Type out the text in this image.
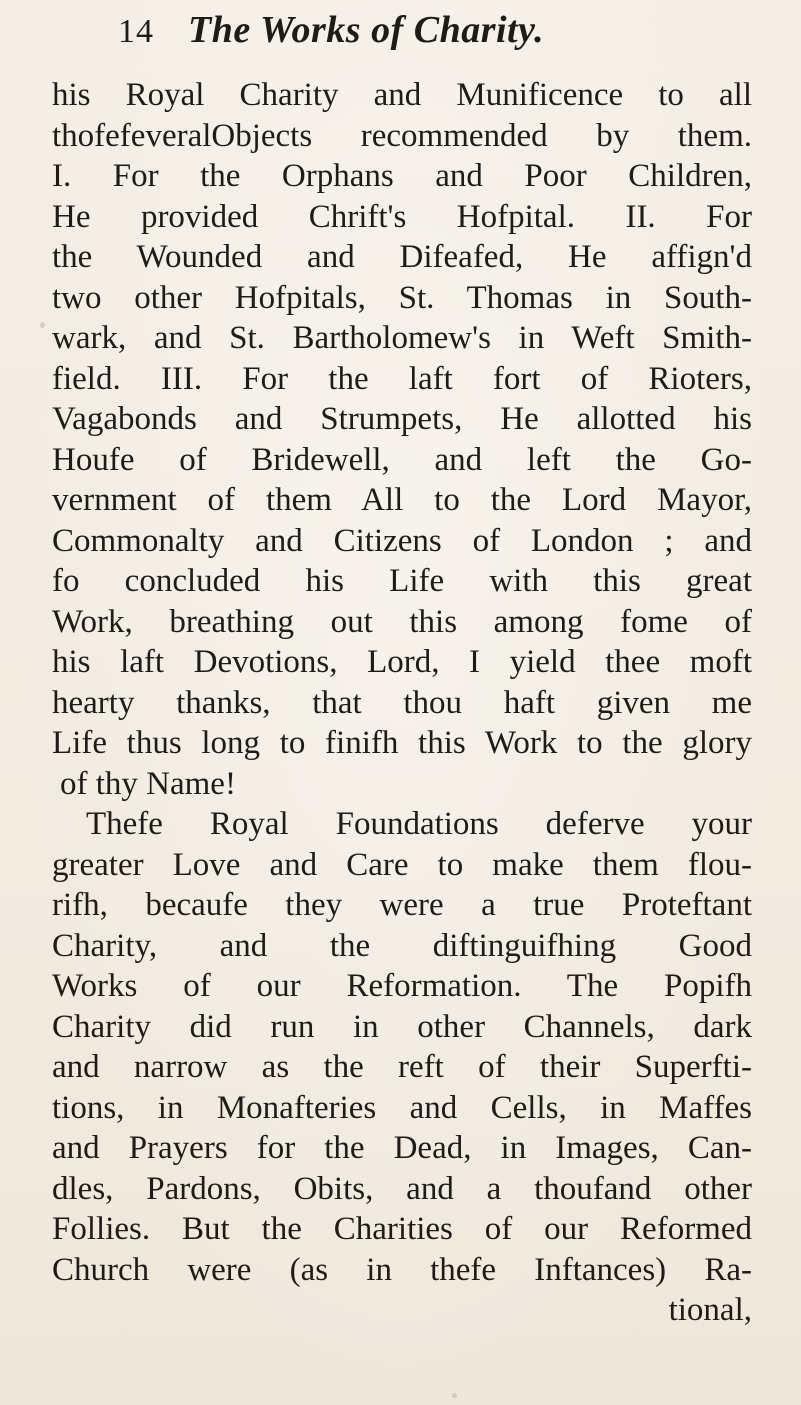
14 The Works of Charity.
his Royal Charity and Munificence to all
thofefeveralObjects recommended by them.
I. For the Orphans and Poor Children,
He provided Chrift's Hofpital. II. For
the Wounded and Difeafed, He affign'd
two other Hofpitals, St. Thomas in South-
wark, and St. Bartholomew's in Weft Smith-
field. III. For the laft fort of Rioters,
Vagabonds and Strumpets, He allotted his
Houfe of Bridewell, and left the Go-
vernment of them All to the Lord Mayor,
Commonalty and Citizens of London ; and
fo concluded his Life with this great
Work, breathing out this among fome of
his laft Devotions, Lord, I yield thee moft
hearty thanks, that thou haft given me
Life thus long to finifh this Work to the glory
of thy Name!
Thefe Royal Foundations deferve your
greater Love and Care to make them flou-
rifh, becaufe they were a true Proteftant
Charity, and the diftinguifhing Good
Works of our Reformation. The Popifh
Charity did run in other Channels, dark
and narrow as the reft of their Superfti-
tions, in Monafteries and Cells, in Maffes
and Prayers for the Dead, in Images, Can-
dles, Pardons, Obits, and a thoufand other
Follies. But the Charities of our Reformed
Church were (as in thefe Inftances) Ra-
tional,
